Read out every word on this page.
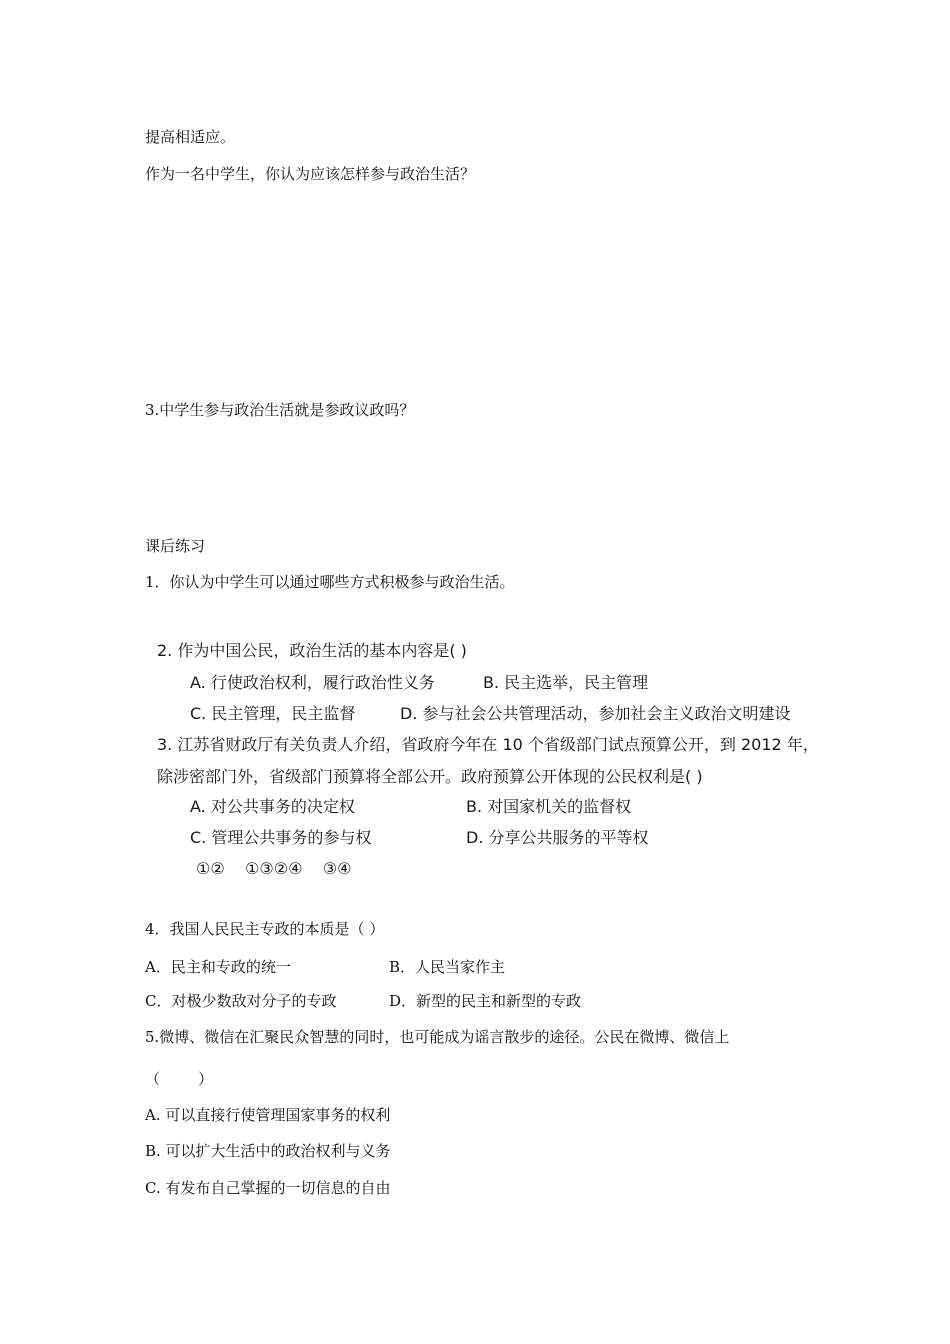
提高相适应。
作为一名中学生，你认为应该怎样参与政治生活？
3.中学生参与政治生活就是参政议政吗？
课后练习
1．你认为中学生可以通过哪些方式积极参与政治生活。
2. 作为中国公民，政治生活的基本内容是( )
A. 行使政治权利，履行政治性义务	B. 民主选举，民主管理
C. 民主管理，民主监督	D. 参与社会公共管理活动，参加社会主义政治文明建设
3. 江苏省财政厅有关负责人介绍，省政府今年在 10 个省级部门试点预算公开，到 2012 年，
除涉密部门外，省级部门预算将全部公开。政府预算公开体现的公民权利是( )
A. 对公共事务的决定权	B. 对国家机关的监督权
C. 管理公共事务的参与权	D. 分享公共服务的平等权
①②    ①③②④    ③④
4．我国人民民主专政的本质是（ ）
A．民主和专政的统一	B．人民当家作主
C．对极少数敌对分子的专政	D．新型的民主和新型的专政
5.微博、微信在汇聚民众智慧的同时，也可能成为谣言散步的途径。公民在微博、微信上
（        ）
A. 可以直接行使管理国家事务的权利
B. 可以扩大生活中的政治权利与义务
C. 有发布自己掌握的一切信息的自由
